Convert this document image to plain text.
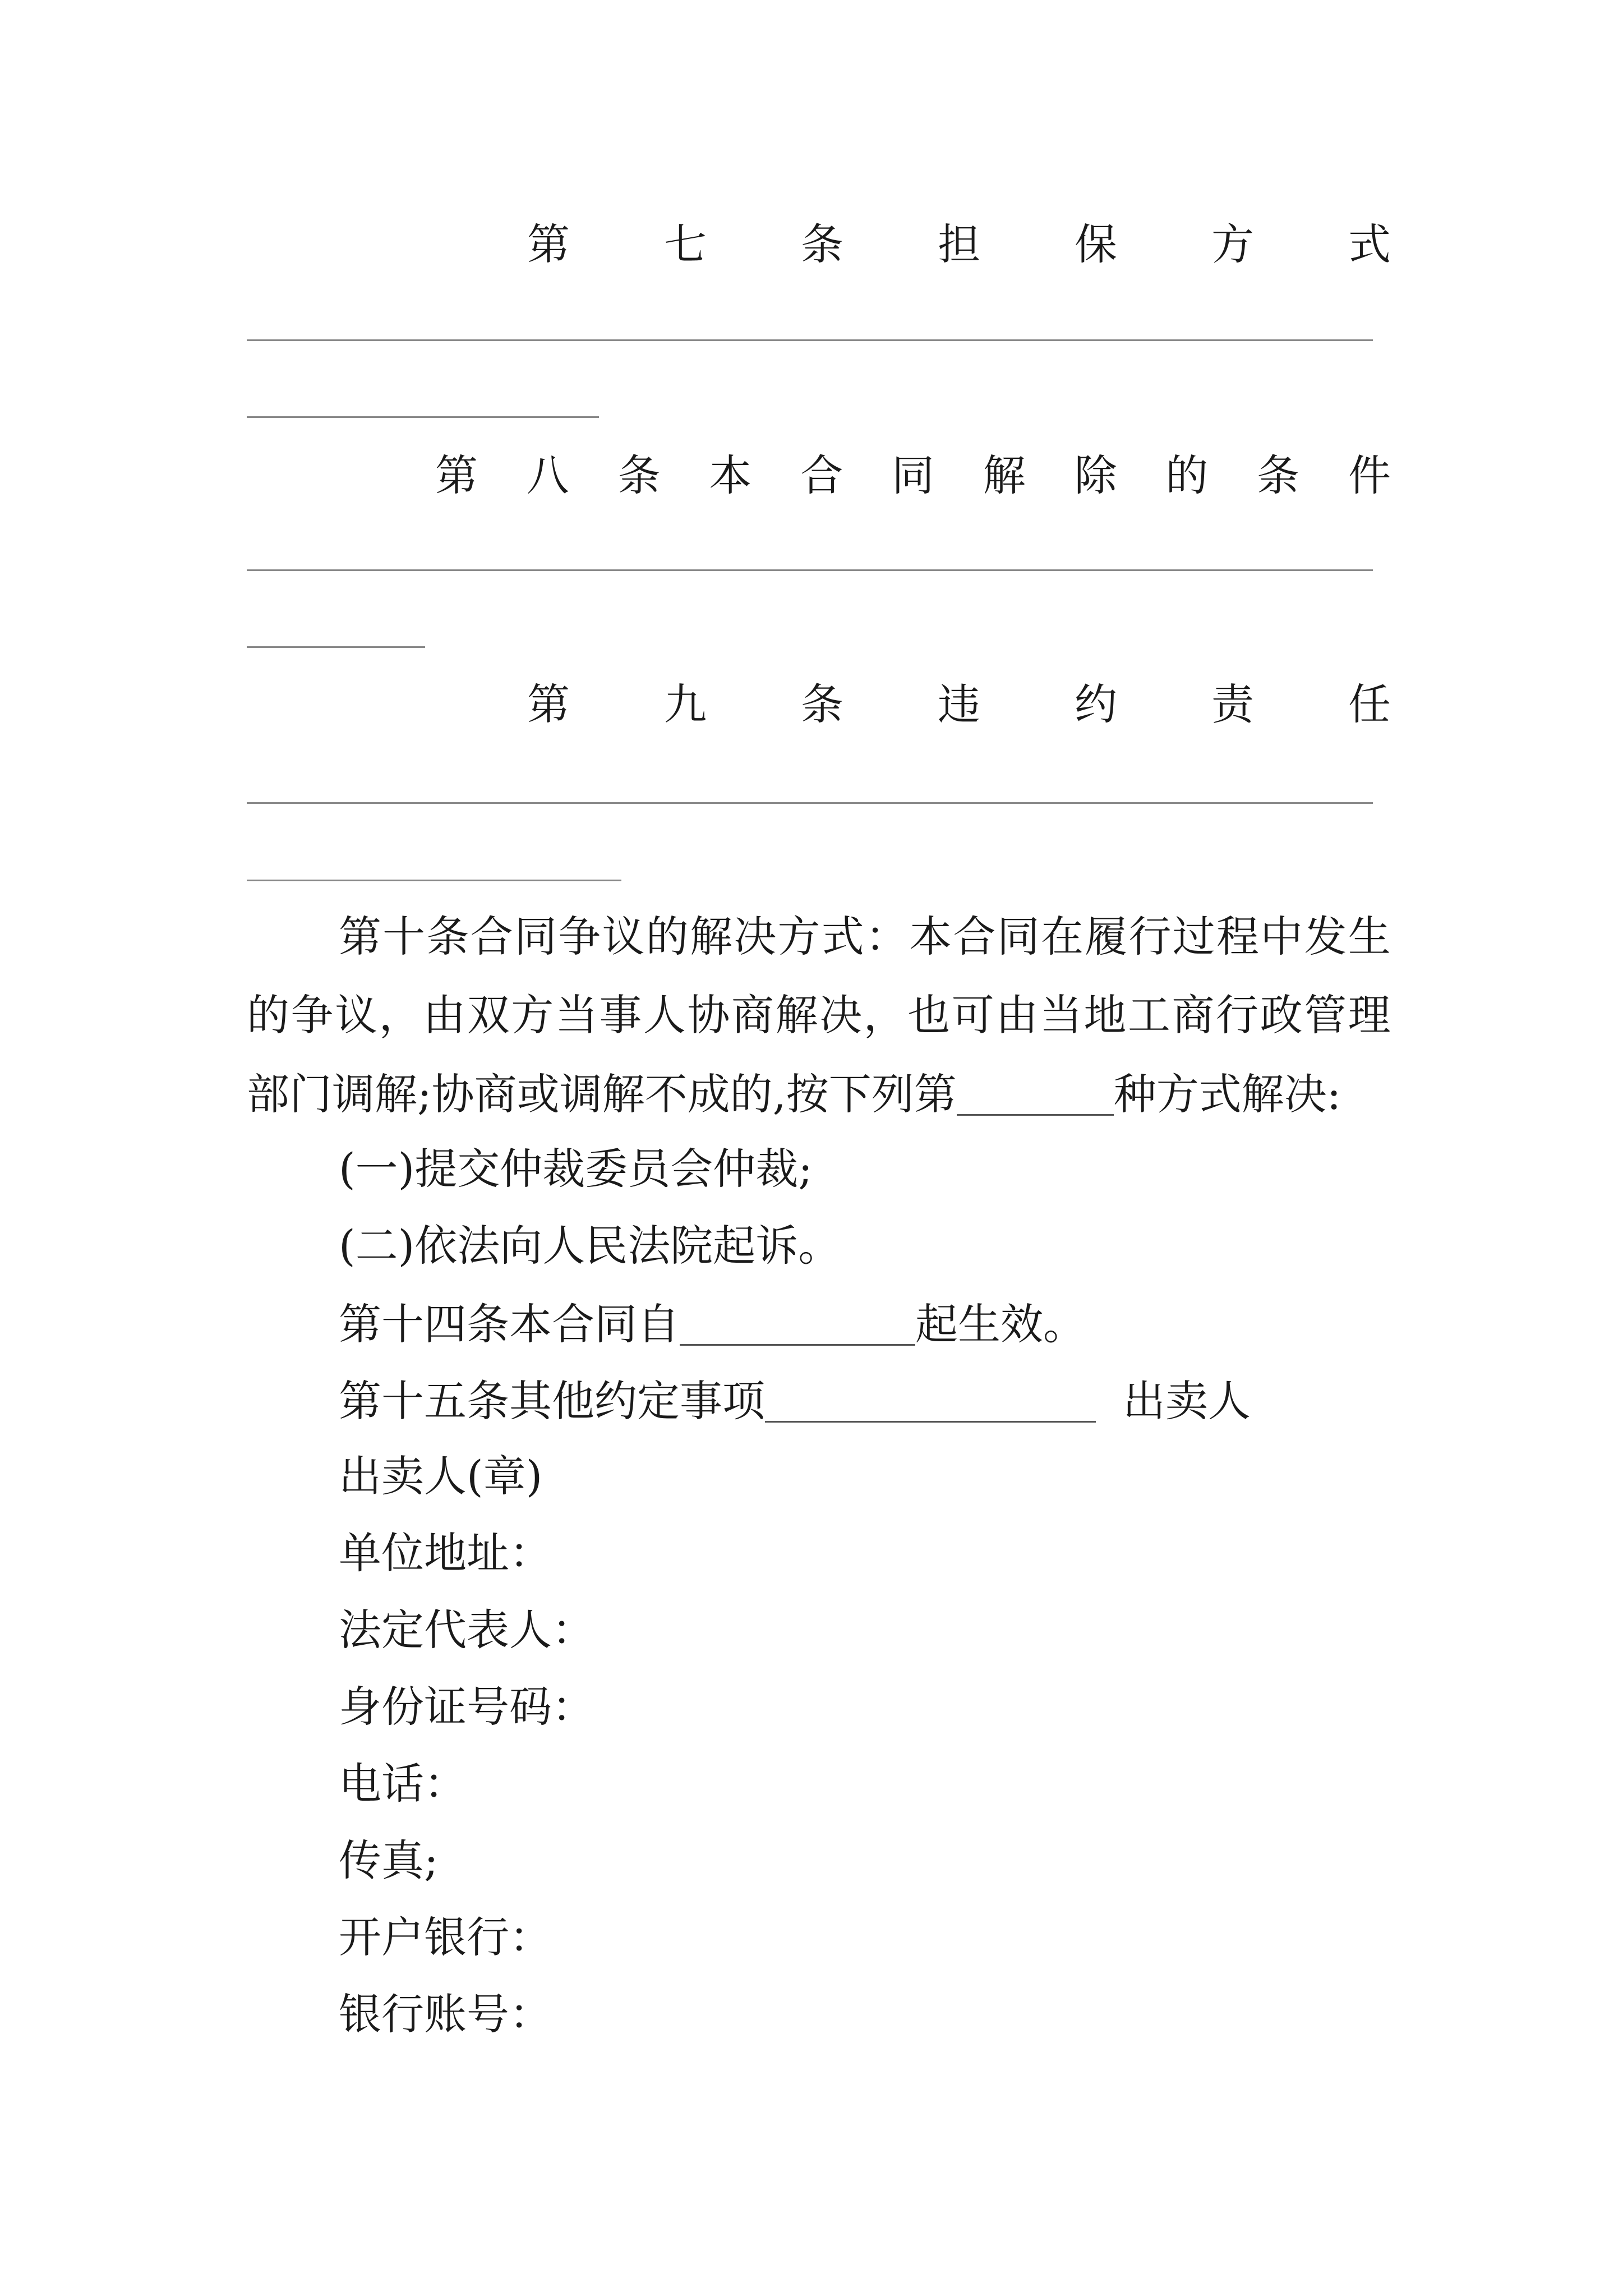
第 七 条 担 保 方 式
第 八 条 本 合 同 解 除 的 条 件
第 九 条 违 约 责 任
第 十 条 合 同 争 议 的 解 决 方 式 ： 本 合 同 在 履 行 过 程 中 发 生
的 争 议 ， 由 双 方 当 事 人 协 商 解 决 ， 也 可 由 当 地 工 商 行 政 管 理
部门调解;协商或调解不成的,按下列第	种方式解决:
(一)提交仲裁委员会仲裁;
(二)依法向人民法院起诉。
第十四条本合同自	起生效。
第十五条其他约定事项	出卖人
出卖人(章)
单位地址：
法定代表人：
身份证号码：
电话：
传真;
开户银行：
银行账号：
